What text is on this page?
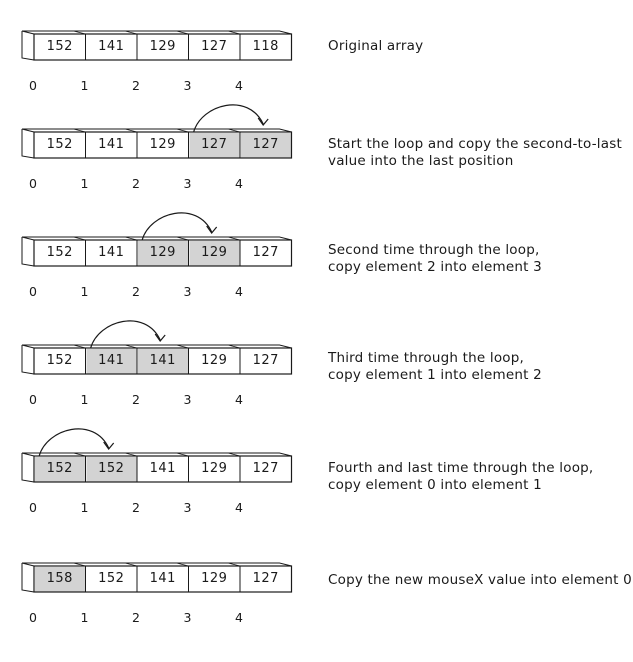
152	141	129	127	118
0	1	2	3	4
Original array
152	141	129	127	127
0	1	2	3	4
Start the loop and copy the second-to-last
value into the last position
152	141	129	129	127
0	1	2	3	4
Second time through the loop,
copy element 2 into element 3
152	141	141	129	127
0	1	2	3	4
Third time through the loop,
copy element 1 into element 2
152	152	141	129	127
0	1	2	3	4
Fourth and last time through the loop,
copy element 0 into element 1
158	152	141	129	127
0	1	2	3	4
Copy the new mouseX value into element 0
